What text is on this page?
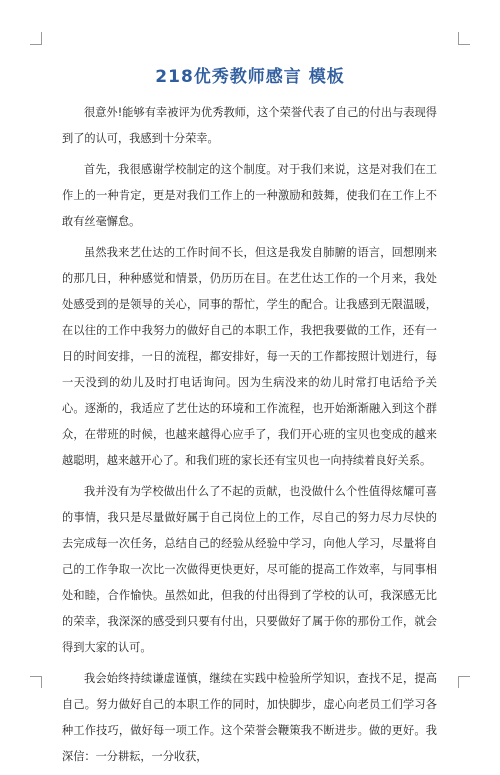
218优秀教师感言 模板

很意外!能够有幸被评为优秀教师，这个荣誉代表了自己的付出与表现得到了的认可，我感到十分荣幸。

首先，我很感谢学校制定的这个制度。对于我们来说，这是对我们在工作上的一种肯定，更是对我们工作上的一种激励和鼓舞，使我们在工作上不敢有丝毫懈怠。

虽然我来艺仕达的工作时间不长，但这是我发自肺腑的语言，回想刚来的那几日，种种感觉和情景，仍历历在目。在艺仕达工作的一个月来，我处处感受到的是领导的关心，同事的帮忙，学生的配合。让我感到无限温暖，在以往的工作中我努力的做好自己的本职工作，我把我要做的工作，还有一日的时间安排，一日的流程，都安排好，每一天的工作都按照计划进行，每一天没到的幼儿及时打电话询问。因为生病没来的幼儿时常打电话给予关心。逐渐的，我适应了艺仕达的环境和工作流程，也开始渐渐融入到这个群众，在带班的时候，也越来越得心应手了，我们开心班的宝贝也变成的越来越聪明，越来越开心了。和我们班的家长还有宝贝也一向持续着良好关系。

我并没有为学校做出什么了不起的贡献，也没做什么个性值得炫耀可喜的事情，我只是尽量做好属于自己岗位上的工作，尽自己的努力尽力尽快的去完成每一次任务，总结自己的经验从经验中学习，向他人学习，尽量将自己的工作争取一次比一次做得更快更好，尽可能的提高工作效率，与同事相处和睦，合作愉快。虽然如此，但我的付出得到了学校的认可，我深感无比的荣幸，我深深的感受到只要有付出，只要做好了属于你的那份工作，就会得到大家的认可。

我会始终持续谦虚谨慎，继续在实践中检验所学知识，查找不足，提高自己。努力做好自己的本职工作的同时，加快脚步，虚心向老员工们学习各种工作技巧，做好每一项工作。这个荣誉会鞭策我不断进步。做的更好。我深信：一分耕耘，一分收获，
